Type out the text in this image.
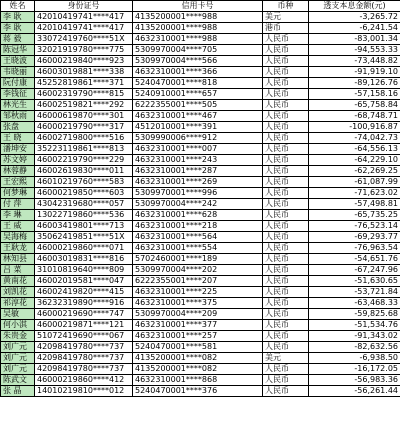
姓名	身份证号	信用卡号	币种	透支本息金额(元)
李 耿	42010419741****417	4135200001****988	美元	-3,265.72
李 耿	42010419741****417	4135200001****988	港币	-6,241.54
蒋 毅	33072419760****51X	4632310001****988	人民币	-83,001.34
陈冠华	32021919780****775	5309970004****705	人民币	-94,553.33
王晓波	46000219840****923	5309970004****566	人民币	-73,448.82
韦晓丽	46003019881****338	4632310001****366	人民币	-91,919.10
阮付康	45252819861****371	5240470001****818	人民币	-89,126.76
李钱征	46002319790****815	5240910001****657	人民币	-57,158.16
林光生	46002519821****292	6222355001****505	人民币	-65,758.84
邹秋雨	46000619870****301	4632310001****467	人民币	-68,748.71
张盘	46000219790****317	4512010001****391	人民币	-100,916.87
王 晓	46002719800****516	5309990006****912	人民币	-74,042.73
潘坤安	35223119861****813	4632310001****007	人民币	-64,556.13
苏文婷	46002219790****229	4632310001****243	人民币	-64,229.10
林蓉静	46002619830****011	4632310001****287	人民币	-62,269.25
王宏熙	46010219760****583	4632310001****269	人民币	-61,087.99
何梦琳	46000219850****603	5309970001****996	人民币	-71,623.02
付 萍	43042319680****057	5309970004****242	人民币	-57,498.81
李 琳	13022719860****536	4632310001****628	人民币	-65,735.25
王 威	46003419801****713	4632310001****218	人民币	-76,523.14
吴海梅	35062419851****51X	4632310001****564	人民币	-69,293.77
王耿龙	46000219860****071	4632310001****554	人民币	-76,963.54
林知县	46003019831****816	5702460001****189	人民币	-54,651.76
吕 菜	31010819640****809	5309970004****202	人民币	-67,247.96
黄南花	46002019581****047	6222355001****207	人民币	-51,630.65
刘凯花	46002419820****415	4632310001****225	人民币	-53,721.84
祁淳花	36232319890****916	4632310001****375	人民币	-63,468.33
吴敏	46000219690****747	5309970004****209	人民币	-59,825.68
何小淇	46000219871****121	4632310001****377	人民币	-51,534.76
朱贵金	51072419690****067	4632310001****257	人民币	-91,343.02
刘广元	42098419780****737	5240470001****581	人民币	-82,632.56
刘广元	42098419780****737	4135200001****082	美元	-6,938.50
刘广元	42098419780****737	4135200001****082	人民币	-16,172.05
陈武文	46000219860****412	4632310001****868	人民币	-56,983.36
张 晶	14010219810****012	5240470001****376	人民币	-56,261.44
